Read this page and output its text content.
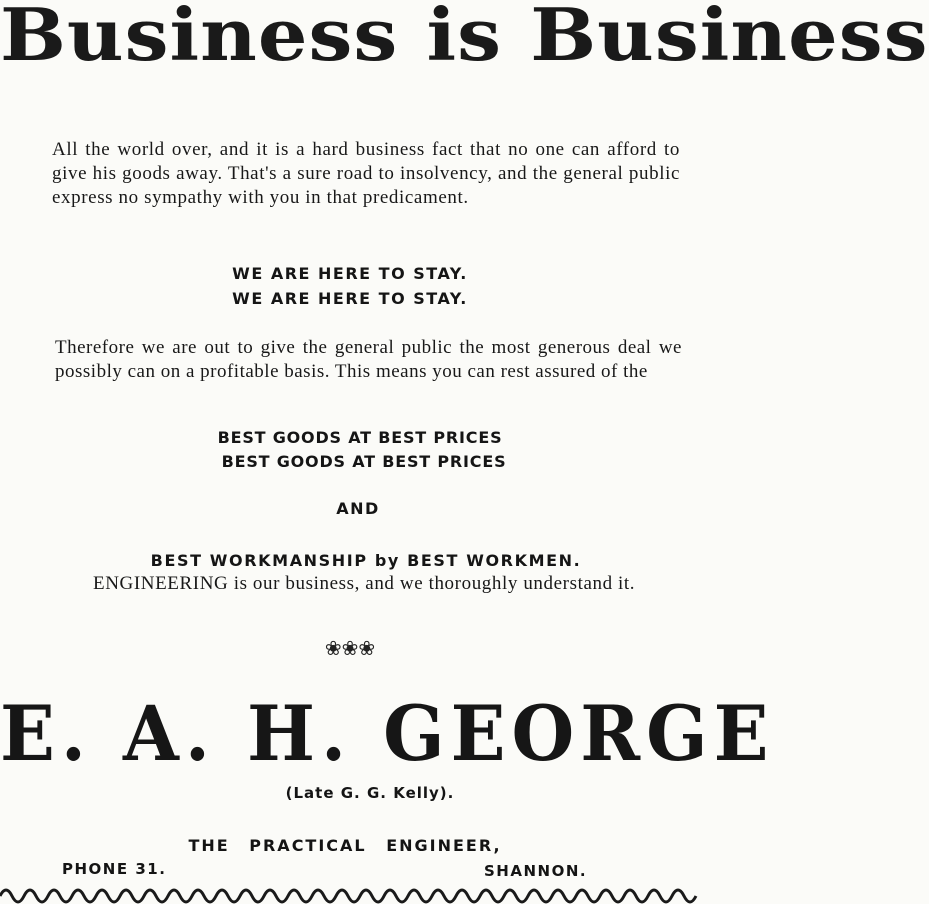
Business is Business
All the world over, and it is a hard business fact that no one can afford to give his goods away. That's a sure road to insolvency, and the general public express no sympathy with you in that predicament.
WE ARE HERE TO STAY.
WE ARE HERE TO STAY.
Therefore we are out to give the general public the most generous deal we possibly can on a profitable basis. This means you can rest assured of the
BEST GOODS AT BEST PRICES
BEST GOODS AT BEST PRICES
AND
BEST WORKMANSHIP by BEST WORKMEN.
ENGINEERING is our business, and we thoroughly understand it.
❀❀❀
E. A. H. GEORGE
(Late G. G. Kelly).
THE PRACTICAL ENGINEER,
PHONE 31.	SHANNON.
